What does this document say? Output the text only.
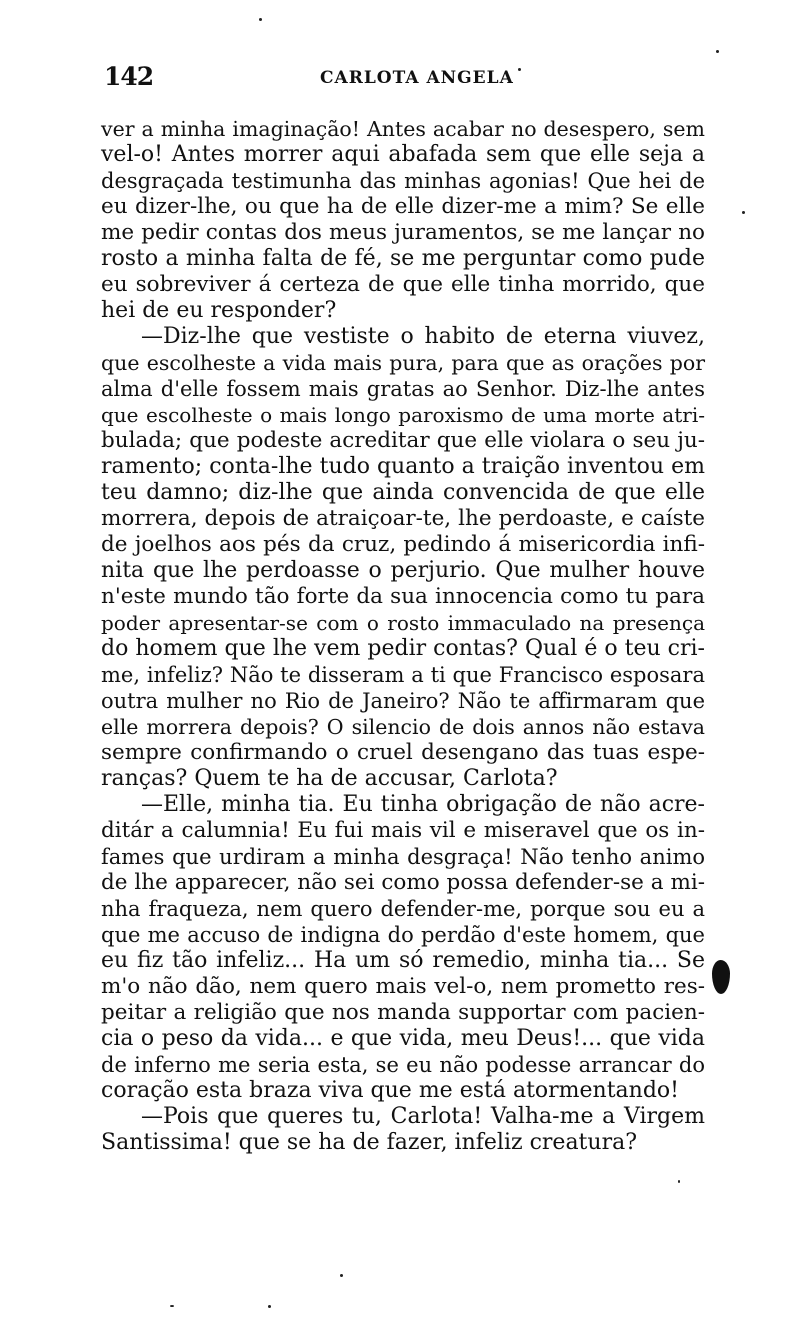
142	CARLOTA ANGELA
ver a minha imaginação! Antes acabar no desespero, sem
vel-o! Antes morrer aqui abafada sem que elle seja a
desgraçada testimunha das minhas agonias! Que hei de
eu dizer-lhe, ou que ha de elle dizer-me a mim? Se elle
me pedir contas dos meus juramentos, se me lançar no
rosto a minha falta de fé, se me perguntar como pude
eu sobreviver á certeza de que elle tinha morrido, que
hei de eu responder?
—Diz-lhe que vestiste o habito de eterna viuvez,
que escolheste a vida mais pura, para que as orações por
alma d'elle fossem mais gratas ao Senhor. Diz-lhe antes
que escolheste o mais longo paroxismo de uma morte atri-
bulada; que podeste acreditar que elle violara o seu ju-
ramento; conta-lhe tudo quanto a traição inventou em
teu damno; diz-lhe que ainda convencida de que elle
morrera, depois de atraiçoar-te, lhe perdoaste, e caíste
de joelhos aos pés da cruz, pedindo á misericordia infi-
nita que lhe perdoasse o perjurio. Que mulher houve
n'este mundo tão forte da sua innocencia como tu para
poder apresentar-se com o rosto immaculado na presença
do homem que lhe vem pedir contas? Qual é o teu cri-
me, infeliz? Não te disseram a ti que Francisco esposara
outra mulher no Rio de Janeiro? Não te affirmaram que
elle morrera depois? O silencio de dois annos não estava
sempre confirmando o cruel desengano das tuas espe-
ranças? Quem te ha de accusar, Carlota?
—Elle, minha tia. Eu tinha obrigação de não acre-
ditár a calumnia! Eu fui mais vil e miseravel que os in-
fames que urdiram a minha desgraça! Não tenho animo
de lhe apparecer, não sei como possa defender-se a mi-
nha fraqueza, nem quero defender-me, porque sou eu a
que me accuso de indigna do perdão d'este homem, que
eu fiz tão infeliz... Ha um só remedio, minha tia... Se
m'o não dão, nem quero mais vel-o, nem prometto res-
peitar a religião que nos manda supportar com pacien-
cia o peso da vida... e que vida, meu Deus!... que vida
de inferno me seria esta, se eu não podesse arrancar do
coração esta braza viva que me está atormentando!
—Pois que queres tu, Carlota! Valha-me a Virgem
Santissima! que se ha de fazer, infeliz creatura?
